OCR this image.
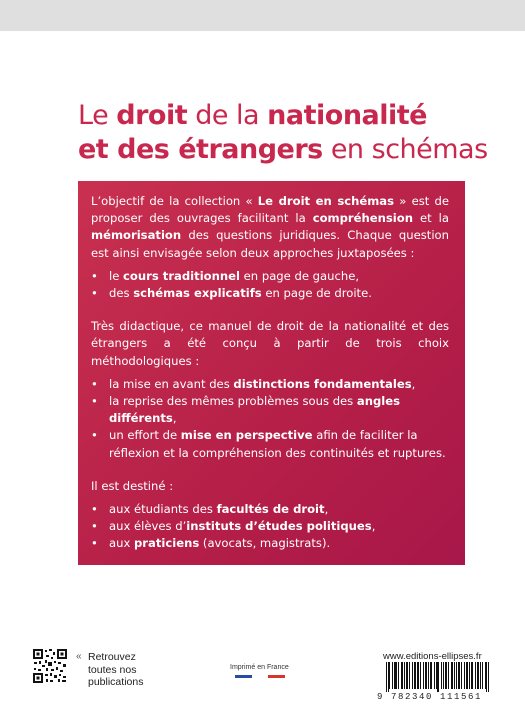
Le droit de la nationalité
et des étrangers en schémas

L’objectif de la collection « Le droit en schémas » est de proposer des ouvrages facilitant la compréhension et la mémorisation des questions juridiques. Chaque question est ainsi envisagée selon deux approches juxtaposées :

• le cours traditionnel en page de gauche,
• des schémas explicatifs en page de droite.

Très didactique, ce manuel de droit de la nationalité et des étrangers a été conçu à partir de trois choix méthodologiques :

• la mise en avant des distinctions fondamentales,
• la reprise des mêmes problèmes sous des angles différents,
• un effort de mise en perspective afin de faciliter la réflexion et la compréhension des continuités et ruptures.

Il est destiné :

• aux étudiants des facultés de droit,
• aux élèves d’instituts d’études politiques,
• aux praticiens (avocats, magistrats).
« Retrouvez toutes nos publications
Imprimé en France
www.editions-ellipses.fr
9 782340 111561
